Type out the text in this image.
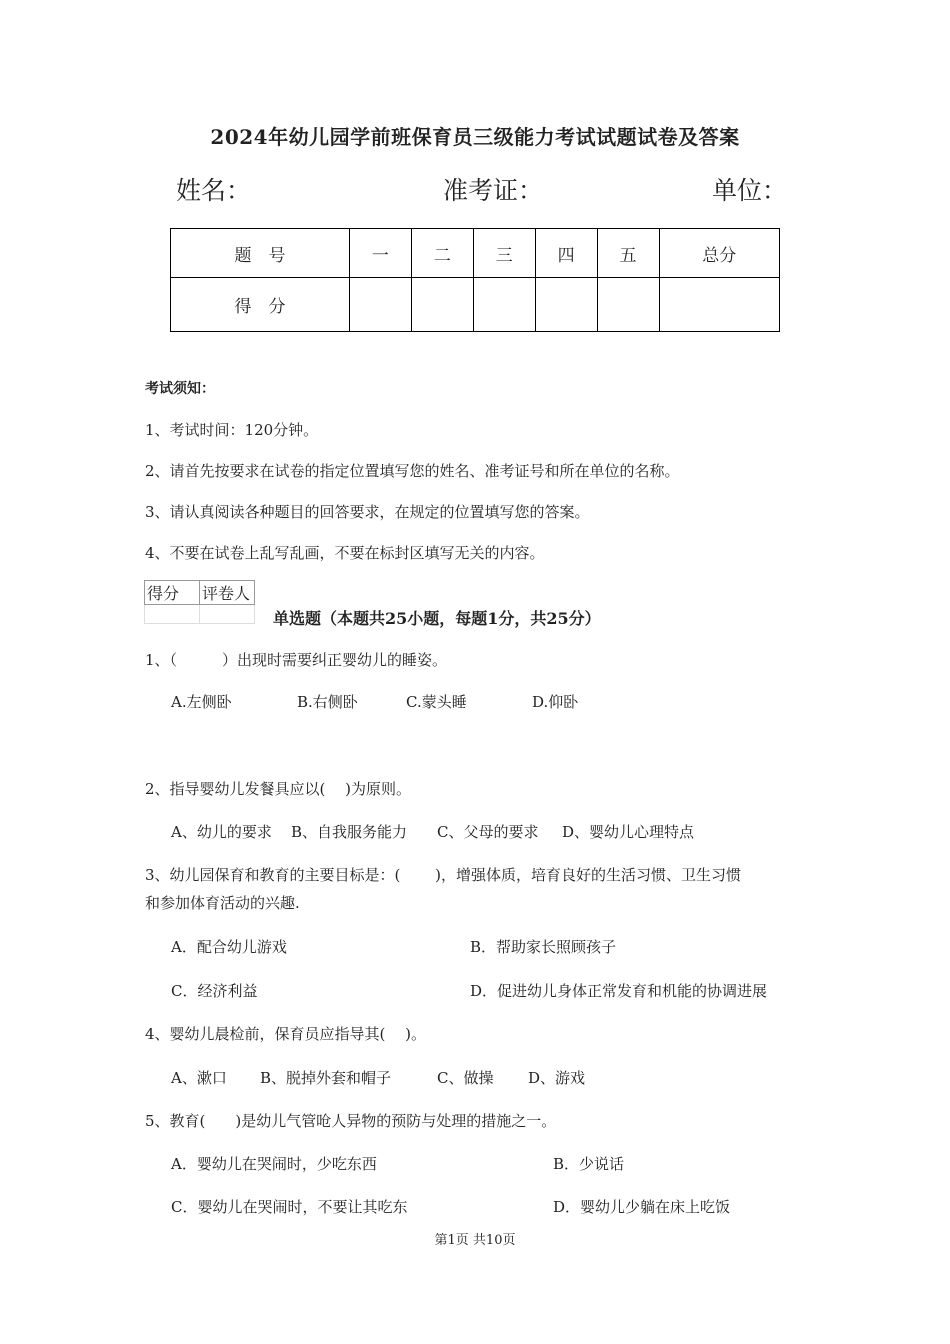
2024年幼儿园学前班保育员三级能力考试试题试卷及答案
姓名：	准考证：	单位：
题　号	一	二	三	四	五	总分
得　分						
考试须知：
1、考试时间：120分钟。
2、请首先按要求在试卷的指定位置填写您的姓名、准考证号和所在单位的名称。
3、请认真阅读各种题目的回答要求，在规定的位置填写您的答案。
4、不要在试卷上乱写乱画，不要在标封区填写无关的内容。
得分	评卷人

单选题（本题共25小题，每题1分，共25分）
1、（　　　）出现时需要纠正婴幼儿的睡姿。
A.左侧卧	B.右侧卧	C.蒙头睡	D.仰卧
2、指导婴幼儿发餐具应以(　 )为原则。
A、幼儿的要求 B、自我服务能力 C、父母的要求 D、婴幼儿心理特点
3、幼儿园保育和教育的主要目标是：(　　 )，增强体质，培育良好的生活习惯、卫生习惯
和参加体育活动的兴趣.
A．配合幼儿游戏	B．帮助家长照顾孩子
C．经济利益	D．促进幼儿身体正常发育和机能的协调进展
4、婴幼儿晨检前，保育员应指导其(　 )。
A、漱口 B、脱掉外套和帽子	C、做操 D、游戏
5、教育(　　)是幼儿气管呛人异物的预防与处理的措施之一。
A．婴幼儿在哭闹时，少吃东西	B．少说话
C．婴幼儿在哭闹时，不要让其吃东	D．婴幼儿少躺在床上吃饭
第1页 共10页
